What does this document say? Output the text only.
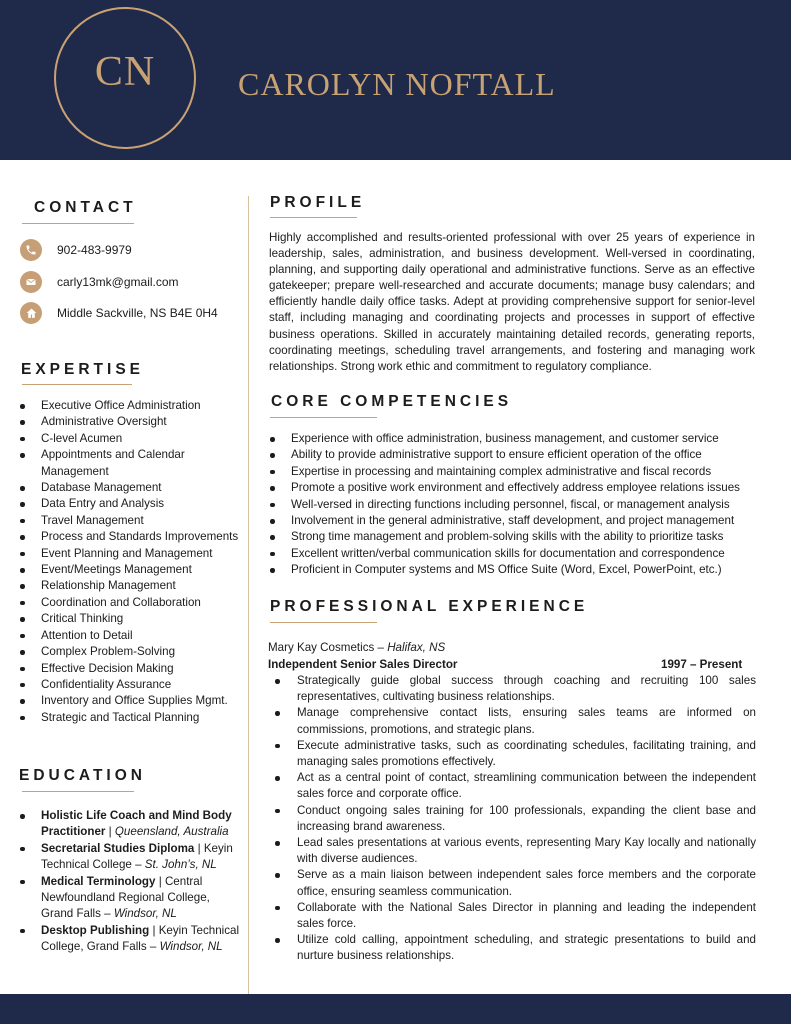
CN	CAROLYN NOFTALL
CONTACT
902-483-9979
carly13mk@gmail.com
Middle Sackville, NS B4E 0H4
EXPERTISE
Executive Office Administration
Administrative Oversight
C-level Acumen
Appointments and Calendar Management
Database Management
Data Entry and Analysis
Travel Management
Process and Standards Improvements
Event Planning and Management
Event/Meetings Management
Relationship Management
Coordination and Collaboration
Critical Thinking
Attention to Detail
Complex Problem-Solving
Effective Decision Making
Confidentiality Assurance
Inventory and Office Supplies Mgmt.
Strategic and Tactical Planning
EDUCATION
Holistic Life Coach and Mind Body Practitioner | Queensland, Australia
Secretarial Studies Diploma | Keyin Technical College – St. John’s, NL
Medical Terminology | Central Newfoundland Regional College, Grand Falls – Windsor, NL
Desktop Publishing | Keyin Technical College, Grand Falls – Windsor, NL
PROFILE
Highly accomplished and results-oriented professional with over 25 years of experience in leadership, sales, administration, and business development. Well-versed in coordinating, planning, and supporting daily operational and administrative functions. Serve as an effective gatekeeper; prepare well-researched and accurate documents; manage busy calendars; and efficiently handle daily office tasks. Adept at providing comprehensive support for senior-level staff, including managing and coordinating projects and processes in support of effective business operations. Skilled in accurately maintaining detailed records, generating reports, coordinating meetings, scheduling travel arrangements, and fostering and managing work relationships. Strong work ethic and commitment to regulatory compliance.
CORE COMPETENCIES
Experience with office administration, business management, and customer service
Ability to provide administrative support to ensure efficient operation of the office
Expertise in processing and maintaining complex administrative and fiscal records
Promote a positive work environment and effectively address employee relations issues
Well-versed in directing functions including personnel, fiscal, or management analysis
Involvement in the general administrative, staff development, and project management
Strong time management and problem-solving skills with the ability to prioritize tasks
Excellent written/verbal communication skills for documentation and correspondence
Proficient in Computer systems and MS Office Suite (Word, Excel, PowerPoint, etc.)
PROFESSIONAL EXPERIENCE
Mary Kay Cosmetics – Halifax, NS
Independent Senior Sales Director	1997 – Present
Strategically guide global success through coaching and recruiting 100 sales representatives, cultivating business relationships.
Manage comprehensive contact lists, ensuring sales teams are informed on commissions, promotions, and strategic plans.
Execute administrative tasks, such as coordinating schedules, facilitating training, and managing sales promotions effectively.
Act as a central point of contact, streamlining communication between the independent sales force and corporate office.
Conduct ongoing sales training for 100 professionals, expanding the client base and increasing brand awareness.
Lead sales presentations at various events, representing Mary Kay locally and nationally with diverse audiences.
Serve as a main liaison between independent sales force members and the corporate office, ensuring seamless communication.
Collaborate with the National Sales Director in planning and leading the independent sales force.
Utilize cold calling, appointment scheduling, and strategic presentations to build and nurture business relationships.
